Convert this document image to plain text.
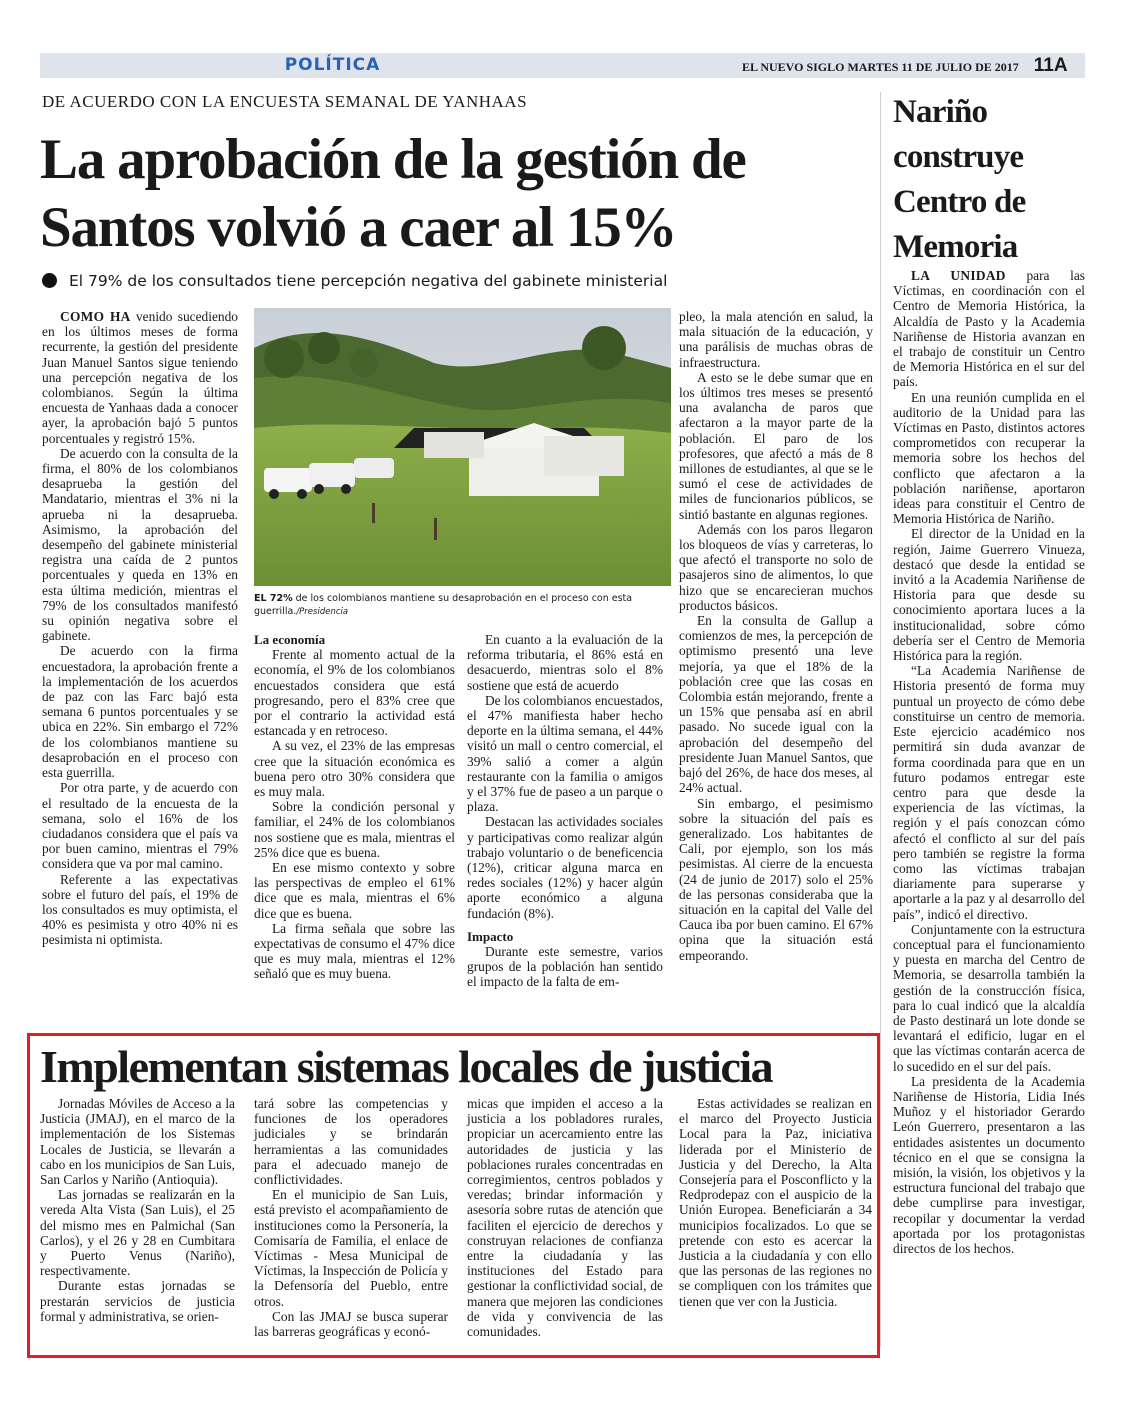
POLÍTICA	EL NUEVO SIGLO MARTES 11 DE JULIO DE 2017 11A
DE ACUERDO CON LA ENCUESTA SEMANAL DE YANHAAS
La aprobación de la gestión de Santos volvió a caer al 15%
El 79% de los consultados tiene percepción negativa del gabinete ministerial

COMO HA venido sucediendo en los últimos meses de forma recurrente, la gestión del presidente Juan Manuel Santos sigue teniendo una percepción negativa de los colombianos. Según la última encuesta de Yanhaas dada a conocer ayer, la aprobación bajó 5 puntos porcentuales y registró 15%.

De acuerdo con la consulta de la firma, el 80% de los colombianos desaprueba la gestión del Mandatario, mientras el 3% ni la aprueba ni la desaprueba. Asimismo, la aprobación del desempeño del gabinete ministerial registra una caída de 2 puntos porcentuales y queda en 13% en esta última medición, mientras el 79% de los consultados manifestó su opinión negativa sobre el gabinete.

De acuerdo con la firma encuestadora, la aprobación frente a la implementación de los acuerdos de paz con las Farc bajó esta semana 6 puntos porcentuales y se ubica en 22%. Sin embargo el 72% de los colombianos mantiene su desaprobación en el proceso con esta guerrilla.

Por otra parte, y de acuerdo con el resultado de la encuesta de la semana, solo el 16% de los ciudadanos considera que el país va por buen camino, mientras el 79% considera que va por mal camino.

Referente a las expectativas sobre el futuro del país, el 19% de los consultados es muy optimista, el 40% es pesimista y otro 40% ni es pesimista ni optimista.

EL 72% de los colombianos mantiene su desaprobación en el proceso con esta guerrilla./Presidencia

La economía

Frente al momento actual de la economía, el 9% de los colombianos encuestados considera que está progresando, pero el 83% cree que por el contrario la actividad está estancada y en retroceso.

A su vez, el 23% de las empresas cree que la situación económica es buena pero otro 30% considera que es muy mala.

Sobre la condición personal y familiar, el 24% de los colombianos nos sostiene que es mala, mientras el 25% dice que es buena.

En ese mismo contexto y sobre las perspectivas de empleo el 61% dice que es mala, mientras el 6% dice que es buena.

La firma señala que sobre las expectativas de consumo el 47% dice que es muy mala, mientras el 12% señaló que es muy buena.

En cuanto a la evaluación de la reforma tributaria, el 86% está en desacuerdo, mientras solo el 8% sostiene que está de acuerdo

De los colombianos encuestados, el 47% manifiesta haber hecho deporte en la última semana, el 44% visitó un mall o centro comercial, el 39% salió a comer a algún restaurante con la familia o amigos y el 37% fue de paseo a un parque o plaza.

Destacan las actividades sociales y participativas como realizar algún trabajo voluntario o de beneficencia (12%), criticar alguna marca en redes sociales (12%) y hacer algún aporte económico a alguna fundación (8%).

Impacto

Durante este semestre, varios grupos de la población han sentido el impacto de la falta de em-

pleo, la mala atención en salud, la mala situación de la educación, y una parálisis de muchas obras de infraestructura.

A esto se le debe sumar que en los últimos tres meses se presentó una avalancha de paros que afectaron a la mayor parte de la población. El paro de los profesores, que afectó a más de 8 millones de estudiantes, al que se le sumó el cese de actividades de miles de funcionarios públicos, se sintió bastante en algunas regiones.

Además con los paros llegaron los bloqueos de vías y carreteras, lo que afectó el transporte no solo de pasajeros sino de alimentos, lo que hizo que se encarecieran muchos productos básicos.

En la consulta de Gallup a comienzos de mes, la percepción de optimismo presentó una leve mejoría, ya que el 18% de la población cree que las cosas en Colombia están mejorando, frente a un 15% que pensaba así en abril pasado. No sucede igual con la aprobación del desempeño del presidente Juan Manuel Santos, que bajó del 26%, de hace dos meses, al 24% actual.

Sin embargo, el pesimismo sobre la situación del país es generalizado. Los habitantes de Cali, por ejemplo, son los más pesimistas. Al cierre de la encuesta (24 de junio de 2017) solo el 25% de las personas consideraba que la situación en la capital del Valle del Cauca iba por buen camino. El 67% opina que la situación está empeorando.

Nariño construye Centro de Memoria

LA UNIDAD para las Víctimas, en coordinación con el Centro de Memoria Histórica, la Alcaldía de Pasto y la Academia Nariñense de Historia avanzan en el trabajo de constituir un Centro de Memoria Histórica en el sur del país.

En una reunión cumplida en el auditorio de la Unidad para las Víctimas en Pasto, distintos actores comprometidos con recuperar la memoria sobre los hechos del conflicto que afectaron a la población nariñense, aportaron ideas para constituir el Centro de Memoria Histórica de Nariño.

El director de la Unidad en la región, Jaime Guerrero Vinueza, destacó que desde la entidad se invitó a la Academia Nariñense de Historia para que desde su conocimiento aportara luces a la institucionalidad, sobre cómo debería ser el Centro de Memoria Histórica para la región.

“La Academia Nariñense de Historia presentó de forma muy puntual un proyecto de cómo debe constituirse un centro de memoria. Este ejercicio académico nos permitirá sin duda avanzar de forma coordinada para que en un futuro podamos entregar este centro para que desde la experiencia de las víctimas, la región y el país conozcan cómo afectó el conflicto al sur del país pero también se registre la forma como las víctimas trabajan diariamente para superarse y aportarle a la paz y al desarrollo del país”, indicó el directivo.

Conjuntamente con la estructura conceptual para el funcionamiento y puesta en marcha del Centro de Memoria, se desarrolla también la gestión de la construcción física, para lo cual indicó que la alcaldía de Pasto destinará un lote donde se levantará el edificio, lugar en el que las víctimas contarán acerca de lo sucedido en el sur del país.

La presidenta de la Academia Nariñense de Historia, Lidia Inés Muñoz y el historiador Gerardo León Guerrero, presentaron a las entidades asistentes un documento técnico en el que se consigna la misión, la visión, los objetivos y la estructura funcional del trabajo que debe cumplirse para investigar, recopilar y documentar la verdad aportada por los protagonistas directos de los hechos.

Implementan sistemas locales de justicia

Jornadas Móviles de Acceso a la Justicia (JMAJ), en el marco de la implementación de los Sistemas Locales de Justicia, se llevarán a cabo en los municipios de San Luis, San Carlos y Nariño (Antioquia).

Las jornadas se realizarán en la vereda Alta Vista (San Luis), el 25 del mismo mes en Palmichal (San Carlos), y el 26 y 28 en Cumbitara y Puerto Venus (Nariño), respectivamente.

Durante estas jornadas se prestarán servicios de justicia formal y administrativa, se orien-

tará sobre las competencias y funciones de los operadores judiciales y se brindarán herramientas a las comunidades para el adecuado manejo de conflictividades.

En el municipio de San Luis, está previsto el acompañamiento de instituciones como la Personería, la Comisaría de Familia, el enlace de Víctimas - Mesa Municipal de Víctimas, la Inspección de Policía y la Defensoría del Pueblo, entre otros.

Con las JMAJ se busca superar las barreras geográficas y econó-

micas que impiden el acceso a la justicia a los pobladores rurales, propiciar un acercamiento entre las autoridades de justicia y las poblaciones rurales concentradas en corregimientos, centros poblados y veredas; brindar información y asesoría sobre rutas de atención que faciliten el ejercicio de derechos y construyan relaciones de confianza entre la ciudadanía y las instituciones del Estado para gestionar la conflictividad social, de manera que mejoren las condiciones de vida y convivencia de las comunidades.

Estas actividades se realizan en el marco del Proyecto Justicia Local para la Paz, iniciativa liderada por el Ministerio de Justicia y del Derecho, la Alta Consejería para el Posconflicto y la Redprodepaz con el auspicio de la Unión Europea. Beneficiarán a 34 municipios focalizados. Lo que se pretende con esto es acercar la Justicia a la ciudadanía y con ello que las personas de las regiones no se compliquen con los trámites que tienen que ver con la Justicia.
